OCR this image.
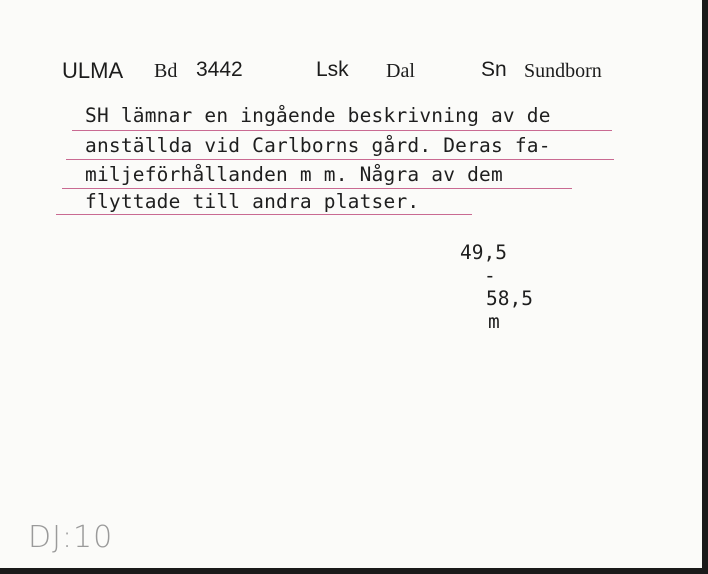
ULMA Bd 3442	Lsk Dal	Sn Sundborn
SH lämnar en ingående beskrivning av de
anställda vid Carlborns gård. Deras fa-
miljeförhållanden m m. Några av dem
flyttade till andra platser.

49,5
-
58,5
m

DJ:10
